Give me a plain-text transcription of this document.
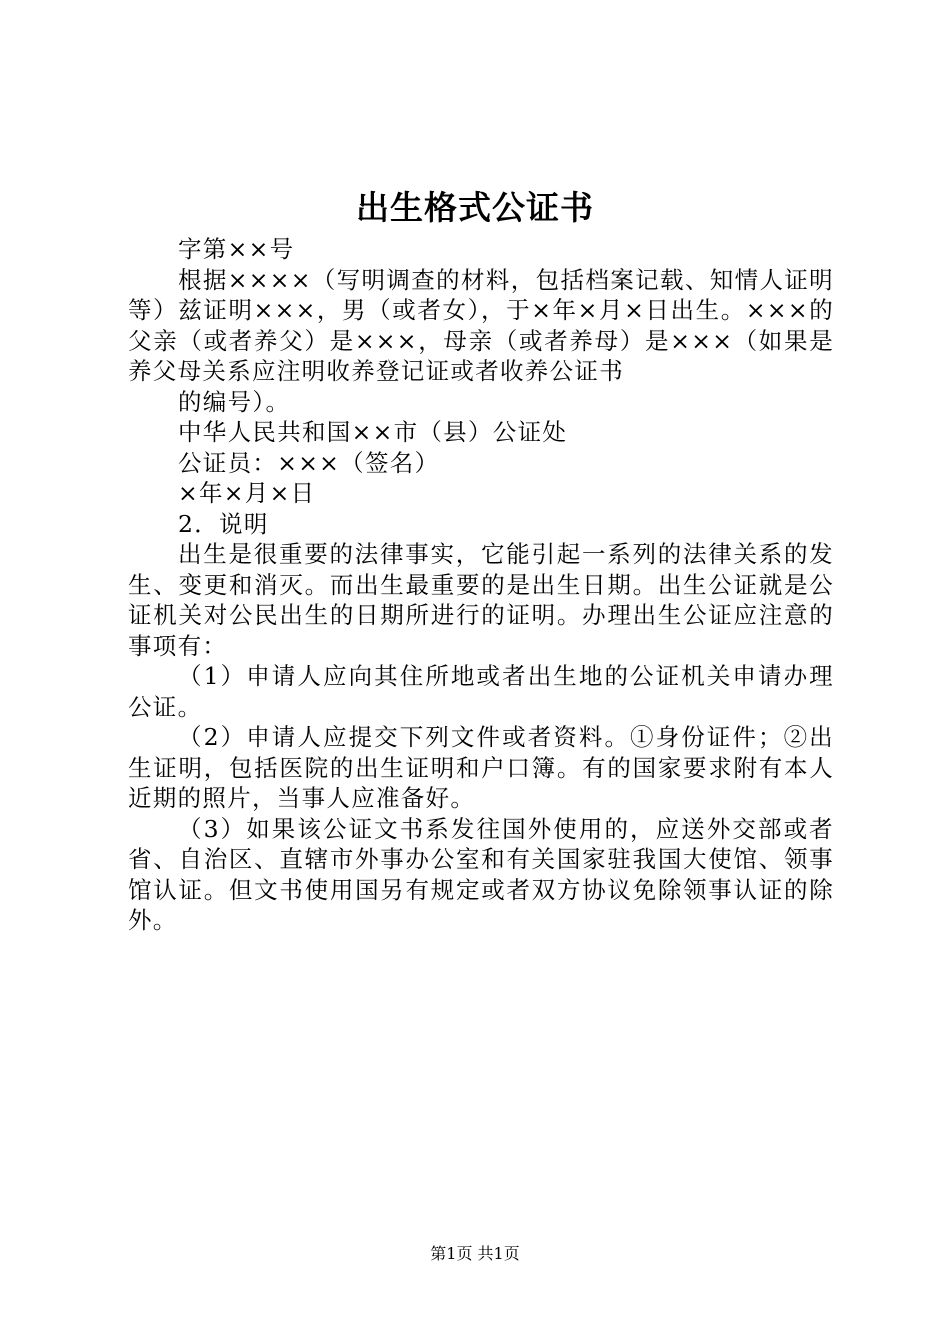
出生格式公证书

字第××号

根据××××（写明调查的材料，包括档案记载、知情人证明等）兹证明×××，男（或者女），于×年×月×日出生。×××的父亲（或者养父）是×××，母亲（或者养母）是×××（如果是养父母关系应注明收养登记证或者收养公证书

的编号）。

中华人民共和国××市（县）公证处

公证员：×××（签名）

×年×月×日

2．说明

出生是很重要的法律事实，它能引起一系列的法律关系的发生、变更和消灭。而出生最重要的是出生日期。出生公证就是公证机关对公民出生的日期所进行的证明。办理出生公证应注意的事项有：

（1）申请人应向其住所地或者出生地的公证机关申请办理公证。

（2）申请人应提交下列文件或者资料。①身份证件；②出生证明，包括医院的出生证明和户口簿。有的国家要求附有本人近期的照片，当事人应准备好。

（3）如果该公证文书系发往国外使用的，应送外交部或者省、自治区、直辖市外事办公室和有关国家驻我国大使馆、领事馆认证。但文书使用国另有规定或者双方协议免除领事认证的除外。

第1页 共1页
